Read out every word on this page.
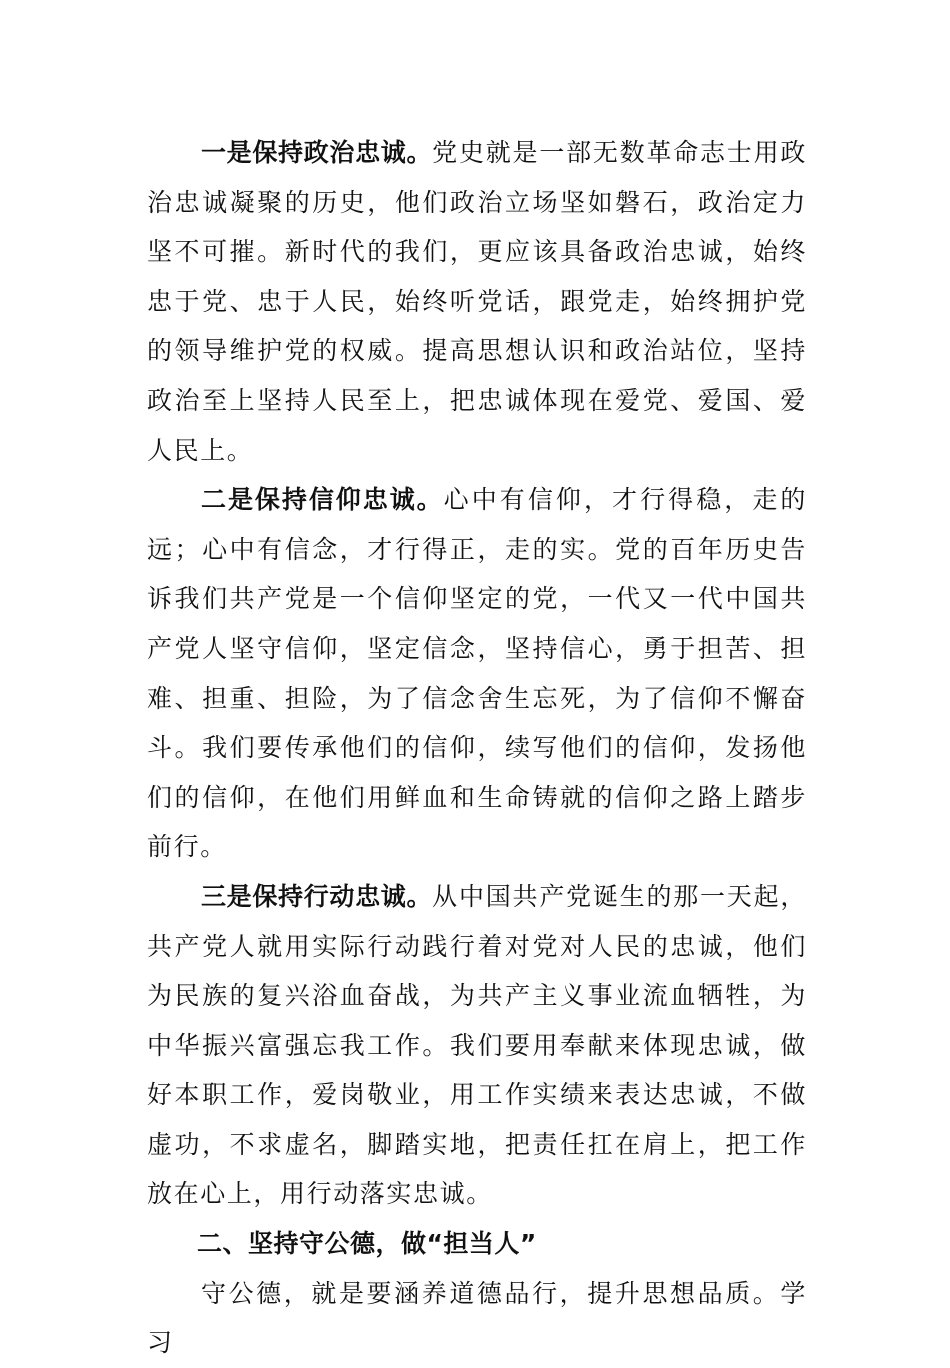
一是保持政治忠诚。党史就是一部无数革命志士用政治忠诚凝聚的历史，他们政治立场坚如磐石，政治定力坚不可摧。新时代的我们，更应该具备政治忠诚，始终忠于党、忠于人民，始终听党话，跟党走，始终拥护党的领导维护党的权威。提高思想认识和政治站位，坚持政治至上坚持人民至上，把忠诚体现在爱党、爱国、爱人民上。

二是保持信仰忠诚。心中有信仰，才行得稳，走的远；心中有信念，才行得正，走的实。党的百年历史告诉我们共产党是一个信仰坚定的党，一代又一代中国共产党人坚守信仰，坚定信念，坚持信心，勇于担苦、担难、担重、担险，为了信念舍生忘死，为了信仰不懈奋斗。我们要传承他们的信仰，续写他们的信仰，发扬他们的信仰，在他们用鲜血和生命铸就的信仰之路上踏步前行。

三是保持行动忠诚。从中国共产党诞生的那一天起，共产党人就用实际行动践行着对党对人民的忠诚，他们为民族的复兴浴血奋战，为共产主义事业流血牺牲，为中华振兴富强忘我工作。我们要用奉献来体现忠诚，做好本职工作，爱岗敬业，用工作实绩来表达忠诚，不做虚功，不求虚名，脚踏实地，把责任扛在肩上，把工作放在心上，用行动落实忠诚。

二、坚持守公德，做“担当人”

守公德，就是要涵养道德品行，提升思想品质。学习
